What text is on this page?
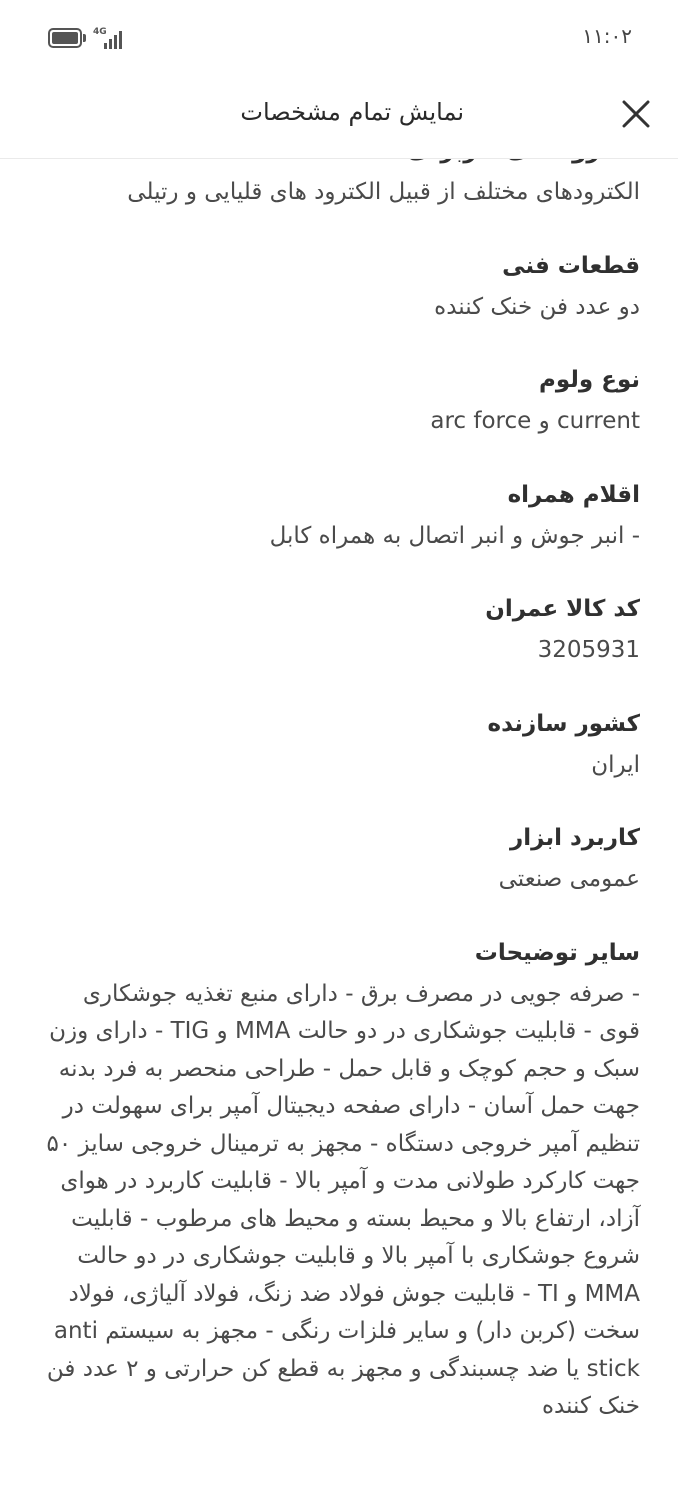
4G	۱۱:۰۲
نمایش تمام مشخصات

الکترودهای مختلف از قبیل الکترود های قلیایی و رتیلی

قطعات فنی

دو عدد فن خنک کننده

نوع ولوم

current و arc force

اقلام همراه

- انبر جوش و انبر اتصال به همراه کابل

کد کالا عمران

3205931

کشور سازنده

ایران

کاربرد ابزار

عمومی صنعتی

سایر توضیحات

- صرفه جویی در مصرف برق - دارای منبع تغذیه جوشکاری قوی - قابلیت جوشکاری در دو حالت MMA و TIG - دارای وزن سبک و حجم کوچک و قابل حمل - طراحی منحصر به فرد بدنه جهت حمل آسان - دارای صفحه دیجیتال آمپر برای سهولت در تنظیم آمپر خروجی دستگاه - مجهز به ترمینال خروجی سایز ۵۰ جهت کارکرد طولانی مدت و آمپر بالا - قابلیت کاربرد در هوای آزاد، ارتفاع بالا و محیط بسته و محیط های مرطوب - قابلیت شروع جوشکاری با آمپر بالا و قابلیت جوشکاری در دو حالت MMA و TI - قابلیت جوش فولاد ضد زنگ، فولاد آلیاژی، فولاد سخت (کربن دار) و سایر فلزات رنگی - مجهز به سیستم anti stick یا ضد چسبندگی و مجهز به قطع کن حرارتی و ۲ عدد فن خنک کننده
